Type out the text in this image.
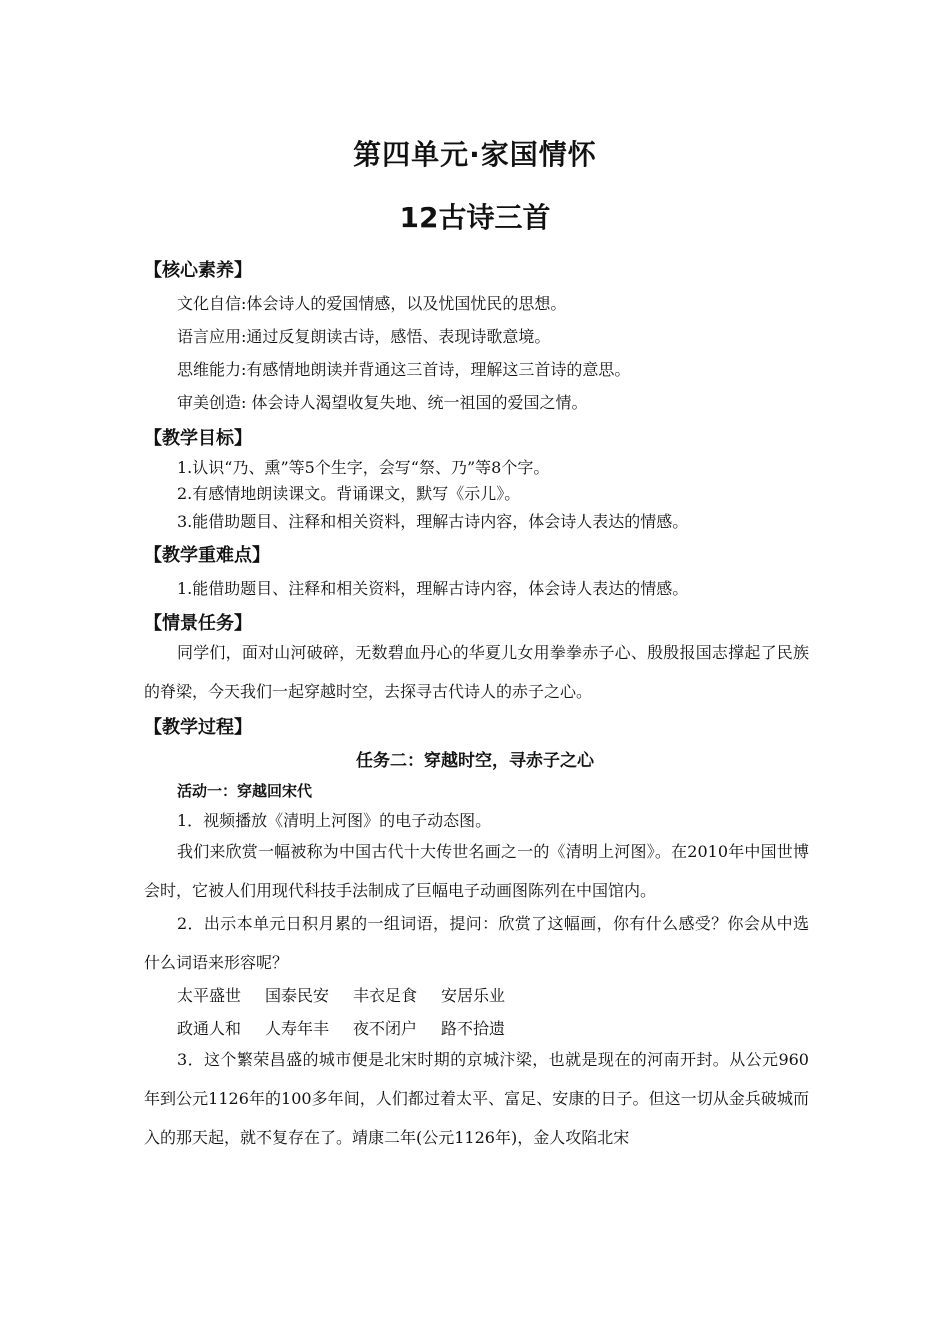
第四单元·家国情怀
12古诗三首
【核心素养】
文化自信:体会诗人的爱国情感，以及忧国忧民的思想。
语言应用:通过反复朗读古诗，感悟、表现诗歌意境。
思维能力:有感情地朗读并背通这三首诗，理解这三首诗的意思。
审美创造: 体会诗人渴望收复失地、统一祖国的爱国之情。
【教学目标】
1.认识“乃、熏”等5个生字，会写“祭、乃”等8个字。
2.有感情地朗读课文。背诵课文，默写《示儿》。
3.能借助题目、注释和相关资料，理解古诗内容，体会诗人表达的情感。
【教学重难点】
1.能借助题目、注释和相关资料，理解古诗内容，体会诗人表达的情感。
【情景任务】
同学们，面对山河破碎，无数碧血丹心的华夏儿女用拳拳赤子心、殷殷报国志撑起了民族的脊梁，今天我们一起穿越时空，去探寻古代诗人的赤子之心。
【教学过程】
任务二：穿越时空，寻赤子之心
活动一：穿越回宋代
1．视频播放《清明上河图》的电子动态图。
我们来欣赏一幅被称为中国古代十大传世名画之一的《清明上河图》。在2010年中国世博会时，它被人们用现代科技手法制成了巨幅电子动画图陈列在中国馆内。
2．出示本单元日积月累的一组词语，提问：欣赏了这幅画，你有什么感受？你会从中选什么词语来形容呢？
太平盛世 国泰民安 丰衣足食 安居乐业
政通人和 人寿年丰 夜不闭户 路不拾遗
3．这个繁荣昌盛的城市便是北宋时期的京城汴梁，也就是现在的河南开封。从公元960年到公元1126年的100多年间，人们都过着太平、富足、安康的日子。但这一切从金兵破城而入的那天起，就不复存在了。靖康二年(公元1126年)，金人攻陷北宋
